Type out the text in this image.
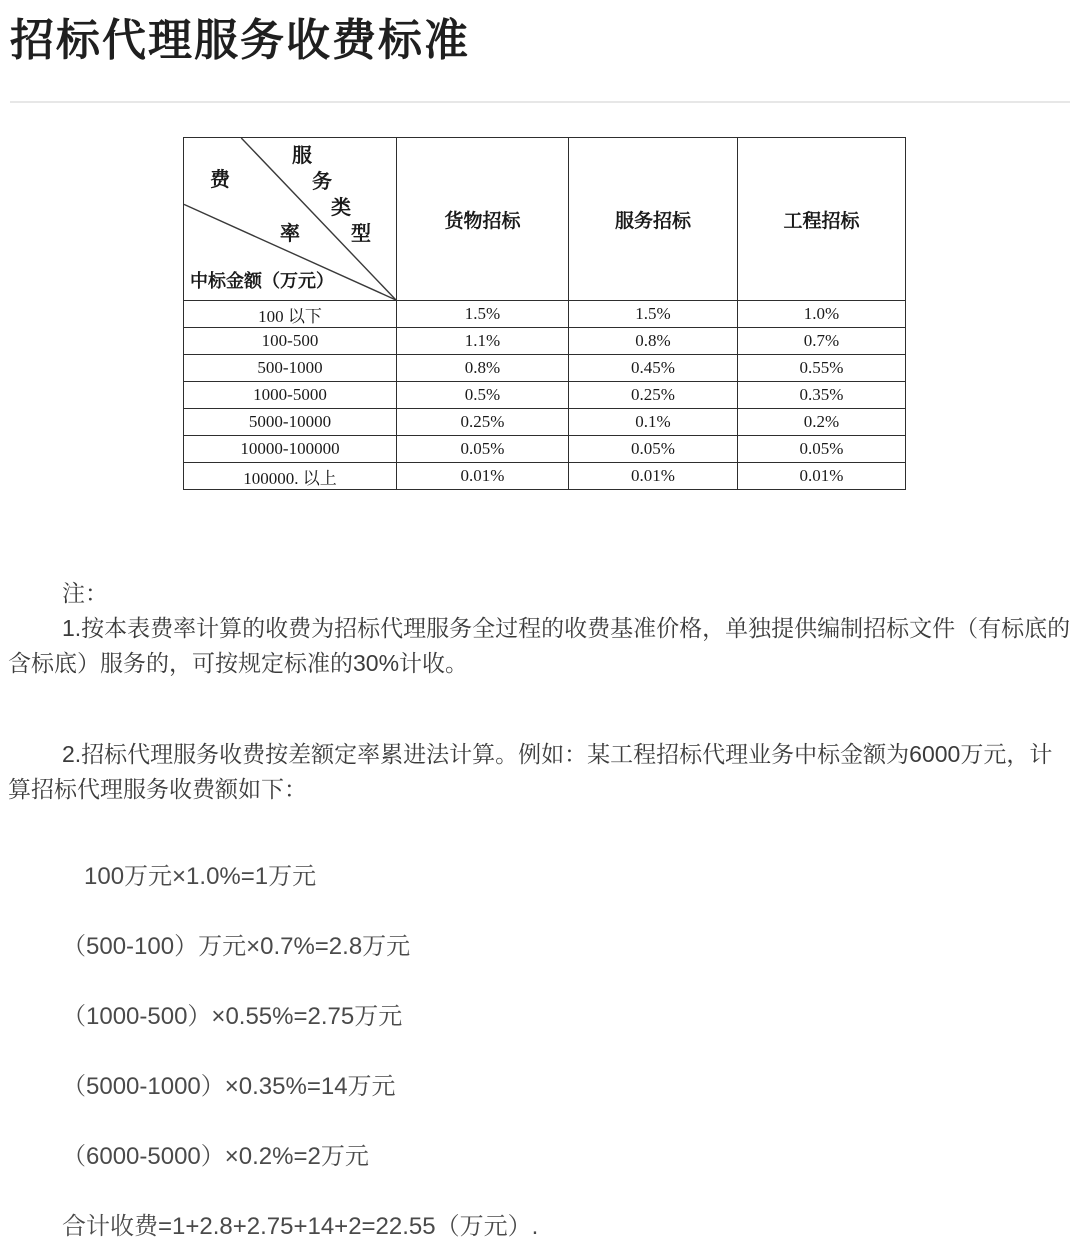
招标代理服务收费标准
服
务
类
型
费
率
中标金额（万元）
	货物招标	服务招标	工程招标
100 以下	1.5%	1.5%	1.0%
100-500	1.1%	0.8%	0.7%
500-1000	0.8%	0.45%	0.55%
1000-5000	0.5%	0.25%	0.35%
5000-10000	0.25%	0.1%	0.2%
10000-100000	0.05%	0.05%	0.05%
100000. 以上	0.01%	0.01%	0.01%

注：

1.按本表费率计算的收费为招标代理服务全过程的收费基准价格，单独提供编制招标文件（有标底的含标底）服务的，可按规定标准的30%计收。

2.招标代理服务收费按差额定率累进法计算。例如：某工程招标代理业务中标金额为6000万元，计算招标代理服务收费额如下：

100万元×1.0%=1万元
（500-100）万元×0.7%=2.8万元
（1000-500）×0.55%=2.75万元
（5000-1000）×0.35%=14万元
（6000-5000）×0.2%=2万元
合计收费=1+2.8+2.75+14+2=22.55（万元）.
